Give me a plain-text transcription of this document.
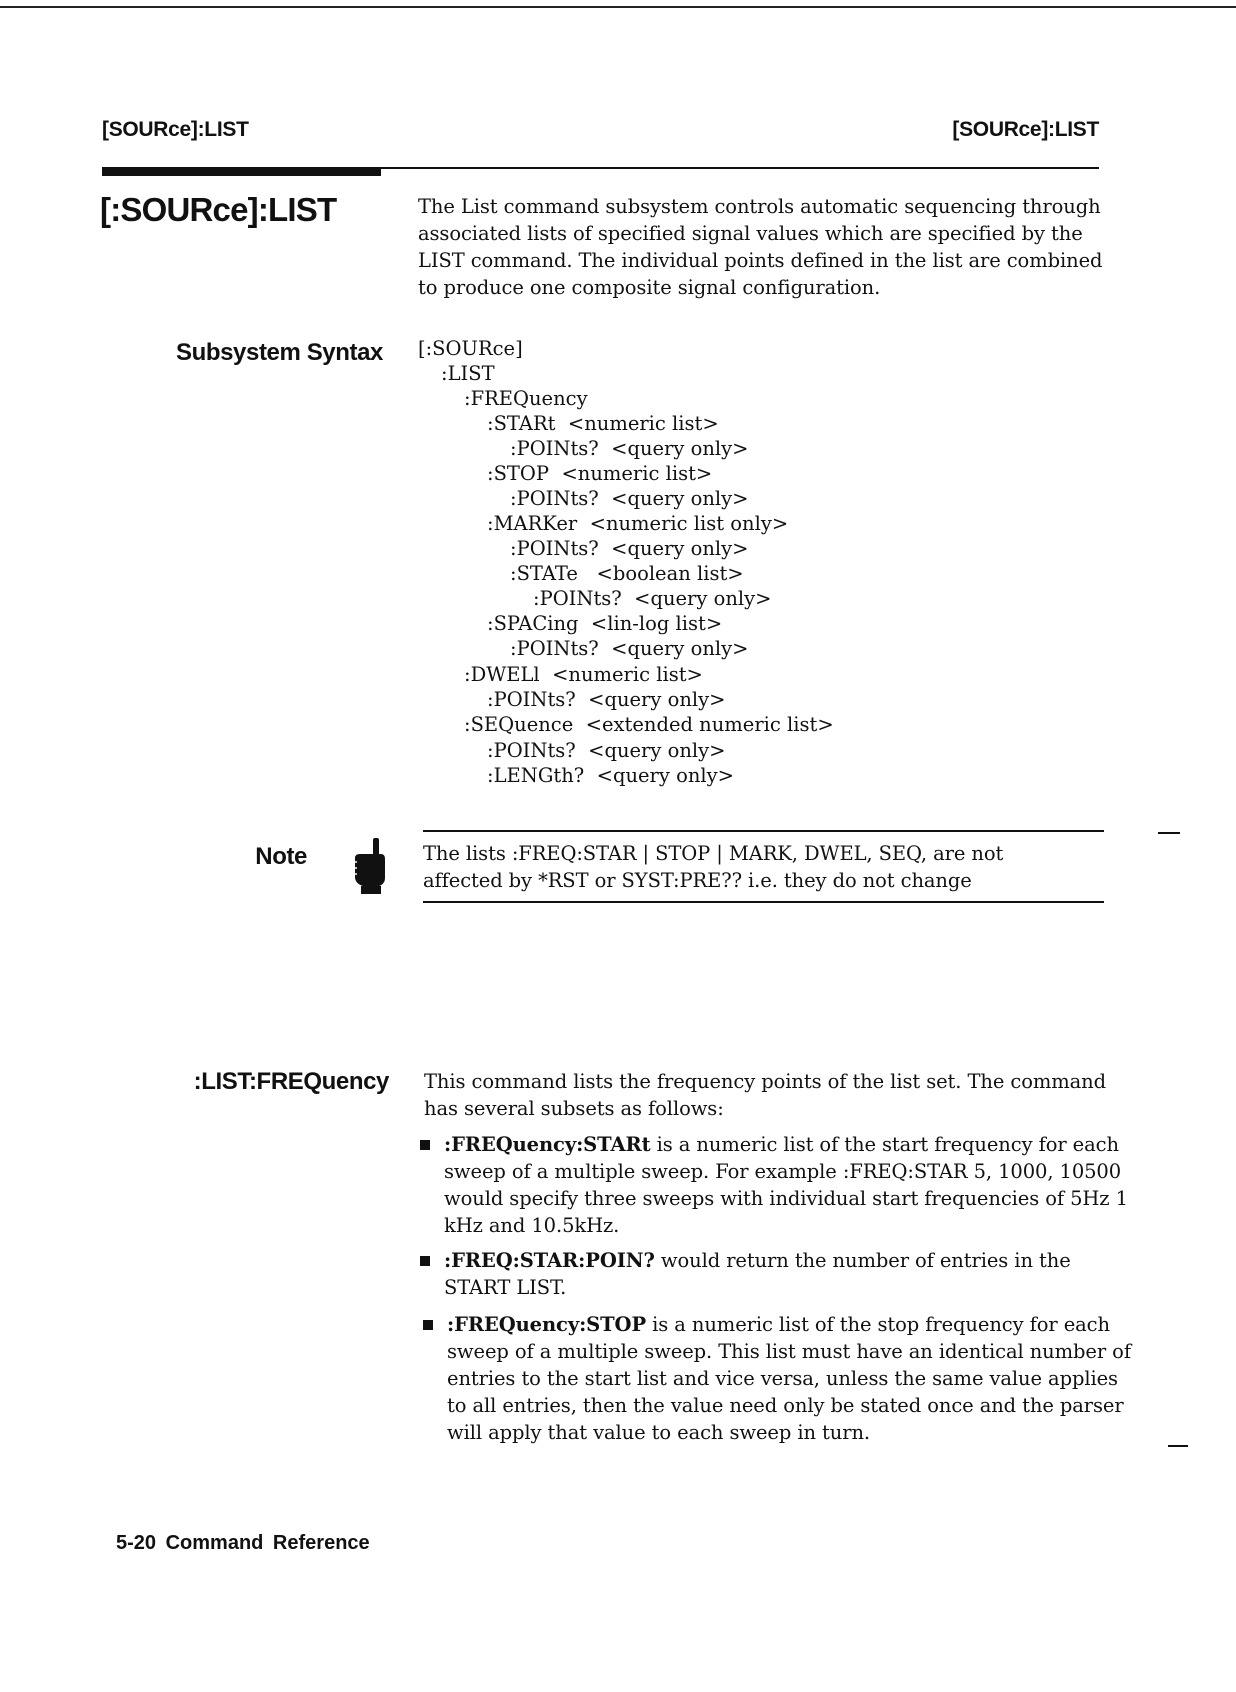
[SOURce]:LIST	[SOURce]:LIST
[:SOURce]:LIST	The List command subsystem controls automatic sequencing through associated lists of specified signal values which are specified by the LIST command. The individual points defined in the list are combined to produce one composite signal configuration.
Subsystem Syntax [:SOURce]
:LIST
:FREQuency
:STARt  <numeric list>
:POINts?  <query only>
:STOP  <numeric list>
:POINts?  <query only>
:MARKer  <numeric list only>
:POINts?  <query only>
:STATe   <boolean list>
:POINts?  <query only>
:SPACing  <lin-log list>
:POINts?  <query only>
:DWELl  <numeric list>
:POINts?  <query only>
:SEQuence  <extended numeric list>
:POINts?  <query only>
:LENGth?  <query only>
Note	The lists :FREQ:STAR | STOP | MARK, DWEL, SEQ, are not
affected by *RST or SYST:PRE?? i.e. they do not change
:LIST:FREQuency This command lists the frequency points of the list set. The command has several subsets as follows:
:FREQuency:STARt is a numeric list of the start frequency for each sweep of a multiple sweep. For example :FREQ:STAR 5, 1000, 10500 would specify three sweeps with individual start frequencies of 5Hz 1 kHz and 10.5kHz.
:FREQ:STAR:POIN? would return the number of entries in the START LIST.
:FREQuency:STOP is a numeric list of the stop frequency for each sweep of a multiple sweep. This list must have an identical number of entries to the start list and vice versa, unless the same value applies to all entries, then the value need only be stated once and the parser will apply that value to each sweep in turn.
5-20 Command Reference
